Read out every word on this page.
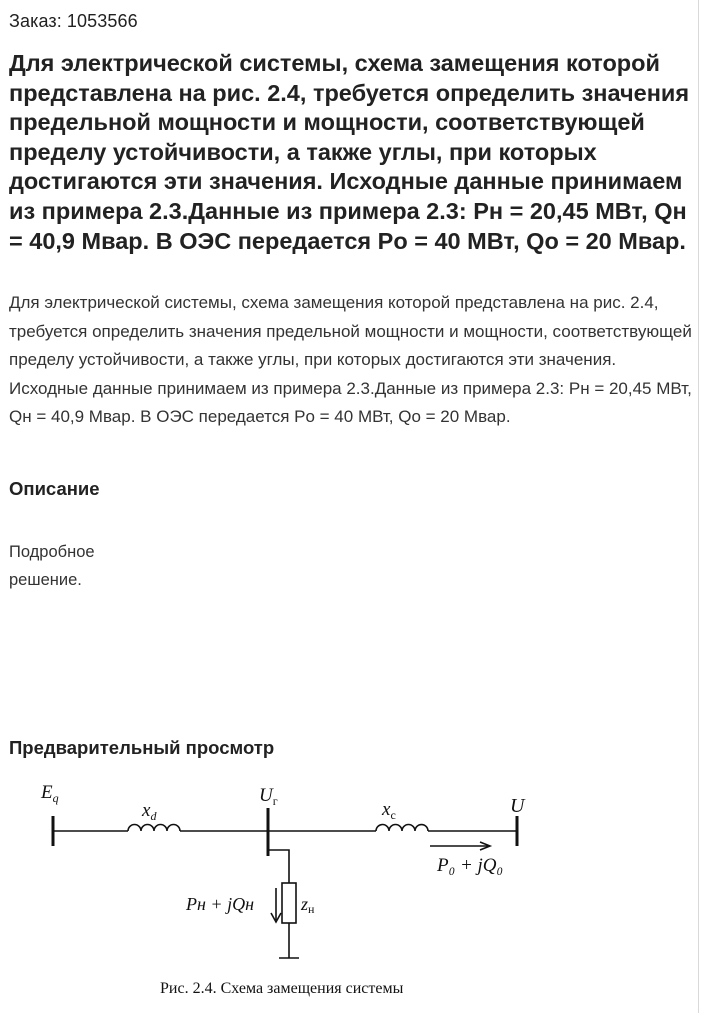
Заказ: 1053566
Для электрической системы, схема замещения которой представлена на рис. 2.4, требуется определить значения предельной мощности и мощности, соответствующей пределу устойчивости, а также углы, при которых достигаются эти значения. Исходные данные принимаем из примера 2.3.Данные из примера 2.3: Pн = 20,45 МВт, Qн = 40,9 Мвар. В ОЭС передается Pо = 40 МВт, Qо = 20 Мвар.

Для электрической системы, схема замещения которой представлена на рис. 2.4, требуется определить значения предельной мощности и мощности, соответствующей пределу устойчивости, а также углы, при которых достигаются эти значения. Исходные данные принимаем из примера 2.3.Данные из примера 2.3: Pн = 20,45 МВт, Qн = 40,9 Мвар. В ОЭС передается Pо = 40 МВт, Qо = 20 Мвар.

Описание

Подробное решение.

Предварительный просмотр
$E_q$
$x_d$
$U_г$	$x_c$	U
P₀ + jQ₀
Pн + jQн	zн
Рис. 2.4. Схема замещения системы
